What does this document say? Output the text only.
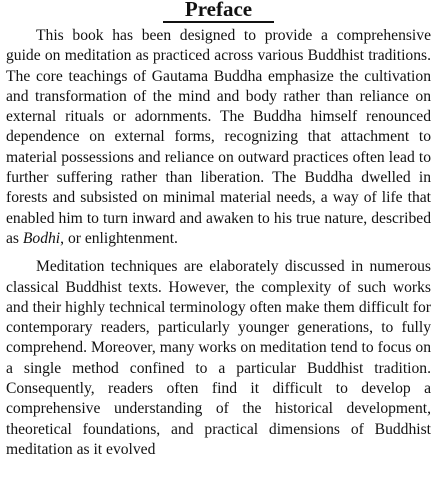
Preface

This book has been designed to provide a comprehensive guide on meditation as practiced across various Buddhist traditions. The core teachings of Gautama Buddha emphasize the cultivation and transformation of the mind and body rather than reliance on external rituals or adornments. The Buddha himself renounced dependence on external forms, recognizing that attachment to material possessions and reliance on outward practices often lead to further suffering rather than liberation. The Buddha dwelled in forests and subsisted on minimal material needs, a way of life that enabled him to turn inward and awaken to his true nature, described as Bodhi, or enlightenment.

Meditation techniques are elaborately discussed in numerous classical Buddhist texts. However, the complexity of such works and their highly technical terminology often make them difficult for contemporary readers, particularly younger generations, to fully comprehend. Moreover, many works on meditation tend to focus on a single method confined to a particular Buddhist tradition. Consequently, readers often find it difficult to develop a comprehensive understanding of the historical development, theoretical foundations, and practical dimensions of Buddhist meditation as it evolved
